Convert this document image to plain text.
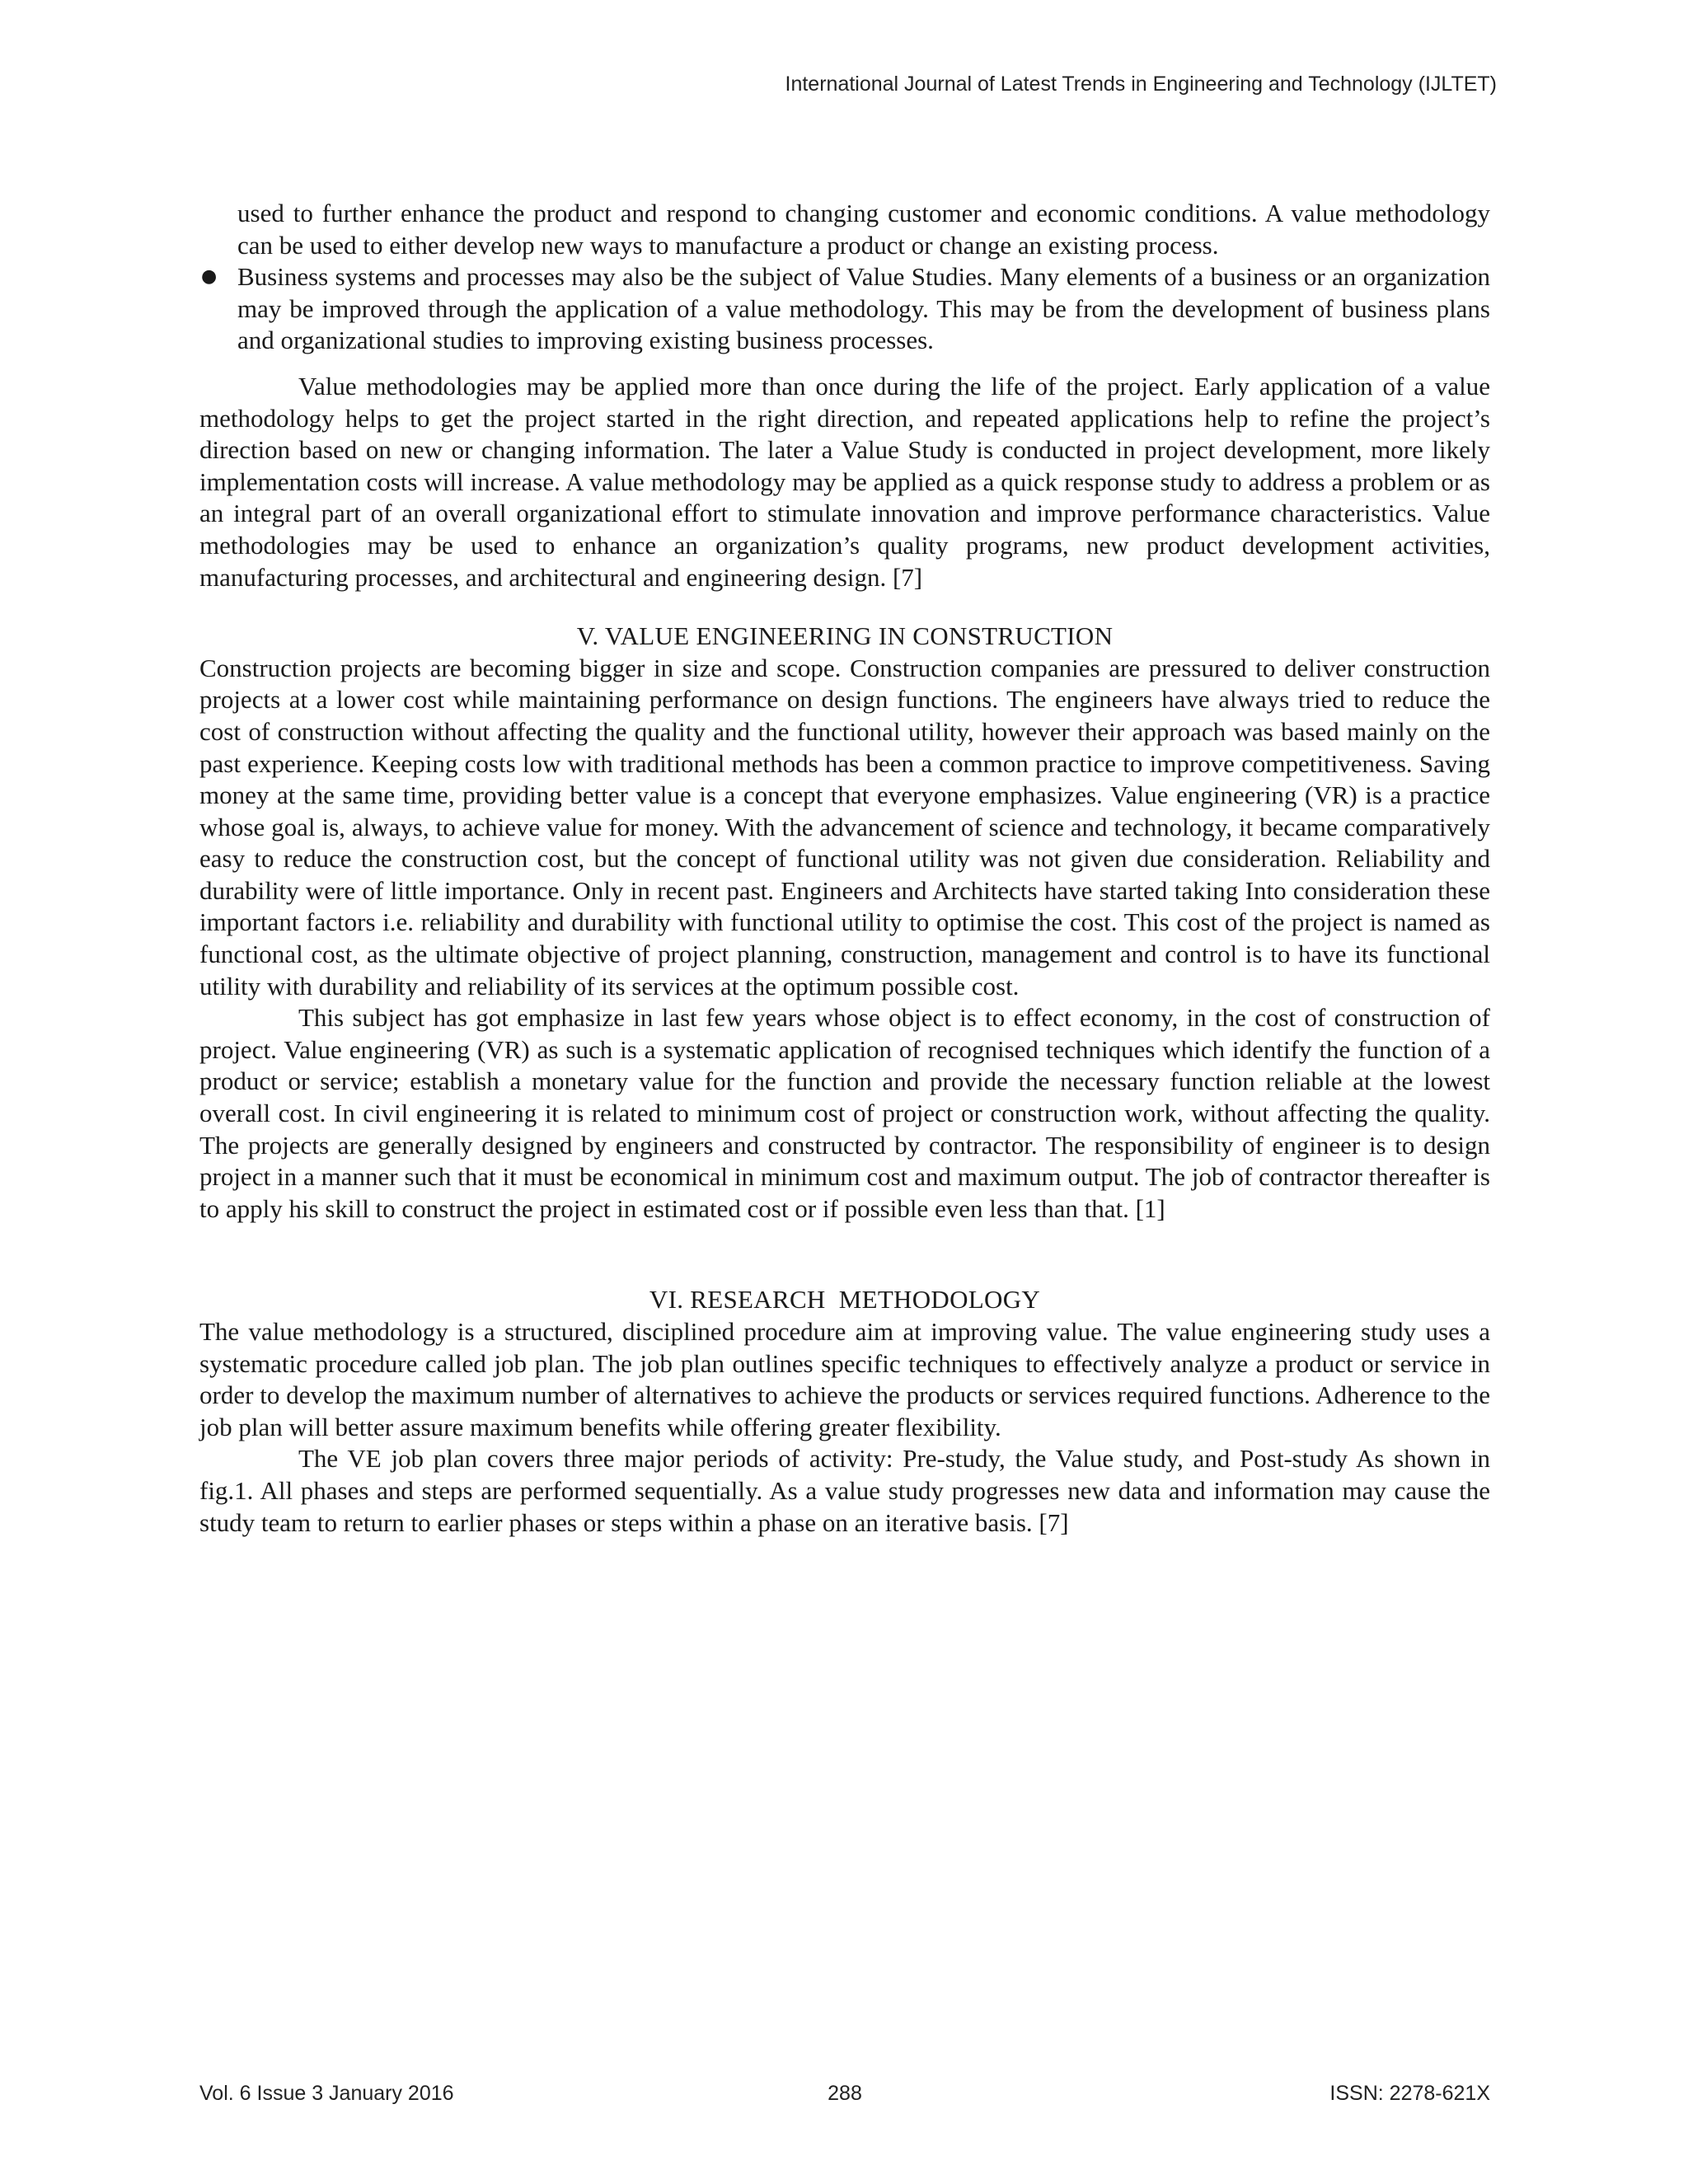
International Journal of Latest Trends in Engineering and Technology (IJLTET)

used to further enhance the product and respond to changing customer and economic conditions. A value methodology can be used to either develop new ways to manufacture a product or change an existing process.

● Business systems and processes may also be the subject of Value Studies. Many elements of a business or an organization may be improved through the application of a value methodology. This may be from the development of business plans and organizational studies to improving existing business processes.

Value methodologies may be applied more than once during the life of the project. Early application of a value methodology helps to get the project started in the right direction, and repeated applications help to refine the project’s direction based on new or changing information. The later a Value Study is conducted in project development, more likely implementation costs will increase. A value methodology may be applied as a quick response study to address a problem or as an integral part of an overall organizational effort to stimulate innovation and improve performance characteristics. Value methodologies may be used to enhance an organization’s quality programs, new product development activities, manufacturing processes, and architectural and engineering design. [7]

V. VALUE ENGINEERING IN CONSTRUCTION

Construction projects are becoming bigger in size and scope. Construction companies are pressured to deliver construction projects at a lower cost while maintaining performance on design functions. The engineers have always tried to reduce the cost of construction without affecting the quality and the functional utility, however their approach was based mainly on the past experience. Keeping costs low with traditional methods has been a common practice to improve competitiveness. Saving money at the same time, providing better value is a concept that everyone emphasizes. Value engineering (VR) is a practice whose goal is, always, to achieve value for money. With the advancement of science and technology, it became comparatively easy to reduce the construction cost, but the concept of functional utility was not given due consideration. Reliability and durability were of little importance. Only in recent past. Engineers and Architects have started taking Into consideration these important factors i.e. reliability and durability with functional utility to optimise the cost. This cost of the project is named as functional cost, as the ultimate objective of project planning, construction, management and control is to have its functional utility with durability and reliability of its services at the optimum possible cost.

This subject has got emphasize in last few years whose object is to effect economy, in the cost of construction of project. Value engineering (VR) as such is a systematic application of recognised techniques which identify the function of a product or service; establish a monetary value for the function and provide the necessary function reliable at the lowest overall cost. In civil engineering it is related to minimum cost of project or construction work, without affecting the quality. The projects are generally designed by engineers and constructed by contractor. The responsibility of engineer is to design project in a manner such that it must be economical in minimum cost and maximum output. The job of contractor thereafter is to apply his skill to construct the project in estimated cost or if possible even less than that. [1]

VI. RESEARCH  METHODOLOGY

The value methodology is a structured, disciplined procedure aim at improving value. The value engineering study uses a systematic procedure called job plan. The job plan outlines specific techniques to effectively analyze a product or service in order to develop the maximum number of alternatives to achieve the products or services required functions. Adherence to the job plan will better assure maximum benefits while offering greater flexibility.

The VE job plan covers three major periods of activity: Pre-study, the Value study, and Post-study As shown in fig.1. All phases and steps are performed sequentially. As a value study progresses new data and information may cause the study team to return to earlier phases or steps within a phase on an iterative basis. [7]

Vol. 6 Issue 3 January 2016	288	ISSN: 2278-621X
